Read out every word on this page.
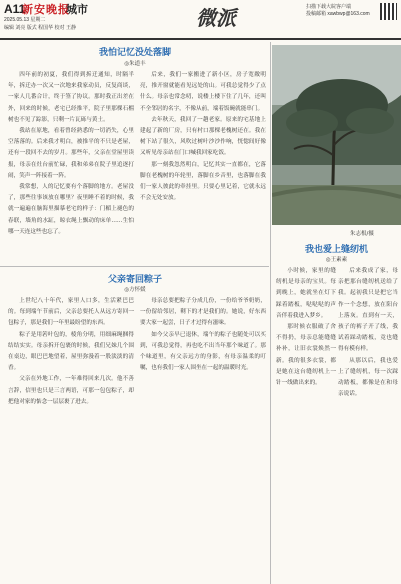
A11
新安晚报
城市
2025.05.13 星期二
编辑 刘亮 版式 程国华 校对 王静	微派	扫描下载大皖客户端
投稿邮箱 xawbwp@163.com
我怕记忆没处落脚
◎朱道丰

四年前的初夏，我们得到拆迁通知，时隔半年，拆迁办一次又一次地来我家动员，反复商谈，一家人几番合计，终于签了协议。那时我正出差在外，回来的时候，老宅已经推平，院子里那棵石榴树也不见了踪影，只剩一片瓦砾与黄土。

我站在原地，看着曾经熟悉的一切消失，心里空落落的。后来我才明白，被推平的不只是老屋，还有一段回不去的岁月。那些年，父亲在堂屋里读报，母亲在灶台前忙碌，我和弟弟在院子里追逐打闹，笑声一阵接着一阵。

我常想，人的记忆要有个落脚的地方。老屋没了，那些往事该放在哪里？夜里睡不着的时候，我就一遍遍在脑海里描摹老宅的样子：门楣上褪色的春联，墙角的水缸，晾衣绳上飘动的床单……生怕哪一天连这些也忘了。

后来，我们一家搬进了新小区，房子宽敞明亮，推开窗就能看见远处的山。可我总觉得少了点什么。母亲也常念叨，说楼上楼下住了几年，还叫不全邻居的名字，不像从前，端着饭碗就能串门。

去年秋天，我回了一趟老家。原来的宅基地上建起了新的厂房，只有村口那棵老槐树还在。我在树下站了很久，风吹过树叶沙沙作响，恍惚间好像又听见母亲站在门口喊我回家吃饭。

那一刻我忽然明白，记忆其实一直都在，它落脚在老槐树的年轮里，落脚在乡音里，也落脚在我们一家人彼此的牵挂里。只要心里记着，它就永远不会无处安放。

父亲寄回粽子
◎方怀媛

上世纪八十年代，家里人口多，生活紧巴巴的。每到端午节前后，父亲总要托人从远方寄回一包粽子，那是我们一年里最盼望的东西。

粽子是用箬叶包的，棱角分明，用细麻绳捆得结结实实。母亲拆开包裹的时候，我们兄妹几个围在桌边，眼巴巴地望着，屋里弥漫着一股淡淡的清香。

父亲在外地工作，一年难得回来几次。他不善言辞，信里也只是三言两语，可那一包包粽子，却把他对家的惦念一层层裹了进去。

母亲总要把粽子分成几份，一份给爷爷奶奶，一份留给邻居，剩下的才是我们的。她说，好东西要大家一起尝，日子才过得有滋味。

如今父亲早已退休，端午的粽子也随处可以买到，可我总觉得，再也吃不出当年那个味道了。那个味道里，有父亲远方的身影，有母亲温柔的叮嘱，也有我们一家人围坐在一起的温暖时光。

朱志根/摄
我也爱上缝纫机
◎王素素

小时候，家里的缝纫机是母亲的宝贝。每到晚上，她就坐在灯下踩着踏板，哒哒哒的声音伴着我进入梦乡。

那时候衣服破了舍不得扔，母亲总能缝缝补补，让旧衣裳焕然一新。我的很多衣裳，都是她在这台缝纫机上一针一线做出来的。

后来我成了家，母亲把那台缝纫机送给了我。起初我只是把它当作一个念想，放在阳台上落灰。直到有一天，孩子的裤子开了线，我试着踩动踏板，竟也缝得有模有样。

从那以后，我也爱上了缝纫机，每一次踩动踏板，都像是在和母亲说话。
